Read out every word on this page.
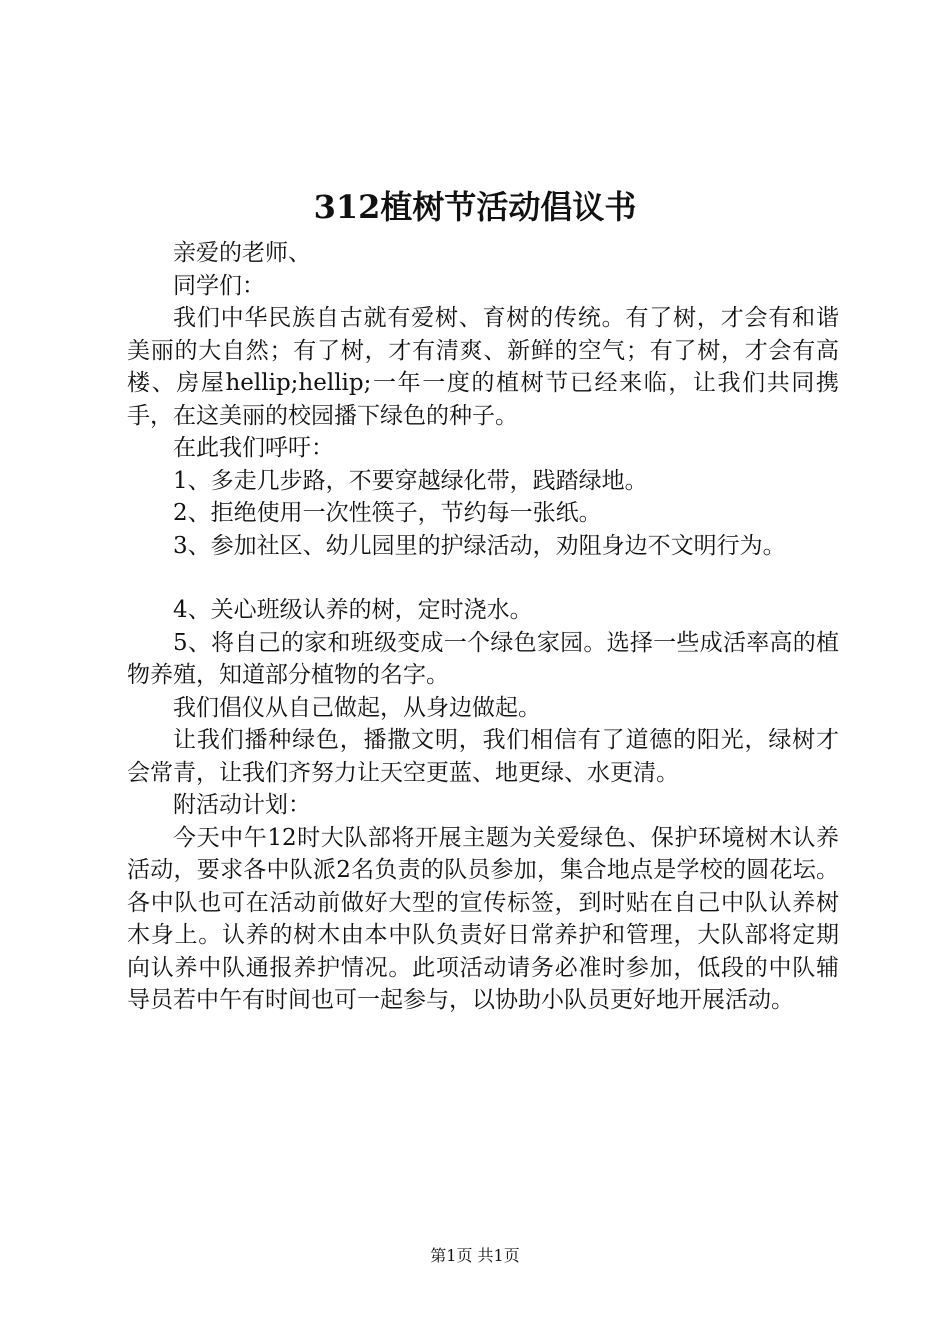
312植树节活动倡议书

亲爱的老师、

同学们：

我们中华民族自古就有爱树、育树的传统。有了树，才会有和谐美丽的大自然；有了树，才有清爽、新鲜的空气；有了树，才会有高楼、房屋hellip;hellip;一年一度的植树节已经来临，让我们共同携手，在这美丽的校园播下绿色的种子。

在此我们呼吁：

1、多走几步路，不要穿越绿化带，践踏绿地。

2、拒绝使用一次性筷子，节约每一张纸。

3、参加社区、幼儿园里的护绿活动，劝阻身边不文明行为。

4、关心班级认养的树，定时浇水。

5、将自己的家和班级变成一个绿色家园。选择一些成活率高的植物养殖，知道部分植物的名字。

我们倡仪从自己做起，从身边做起。

让我们播种绿色，播撒文明，我们相信有了道德的阳光，绿树才会常青，让我们齐努力让天空更蓝、地更绿、水更清。

附活动计划：

今天中午12时大队部将开展主题为关爱绿色、保护环境树木认养活动，要求各中队派2名负责的队员参加，集合地点是学校的圆花坛。各中队也可在活动前做好大型的宣传标签，到时贴在自己中队认养树木身上。认养的树木由本中队负责好日常养护和管理，大队部将定期向认养中队通报养护情况。此项活动请务必准时参加，低段的中队辅导员若中午有时间也可一起参与，以协助小队员更好地开展活动。

第1页 共1页
